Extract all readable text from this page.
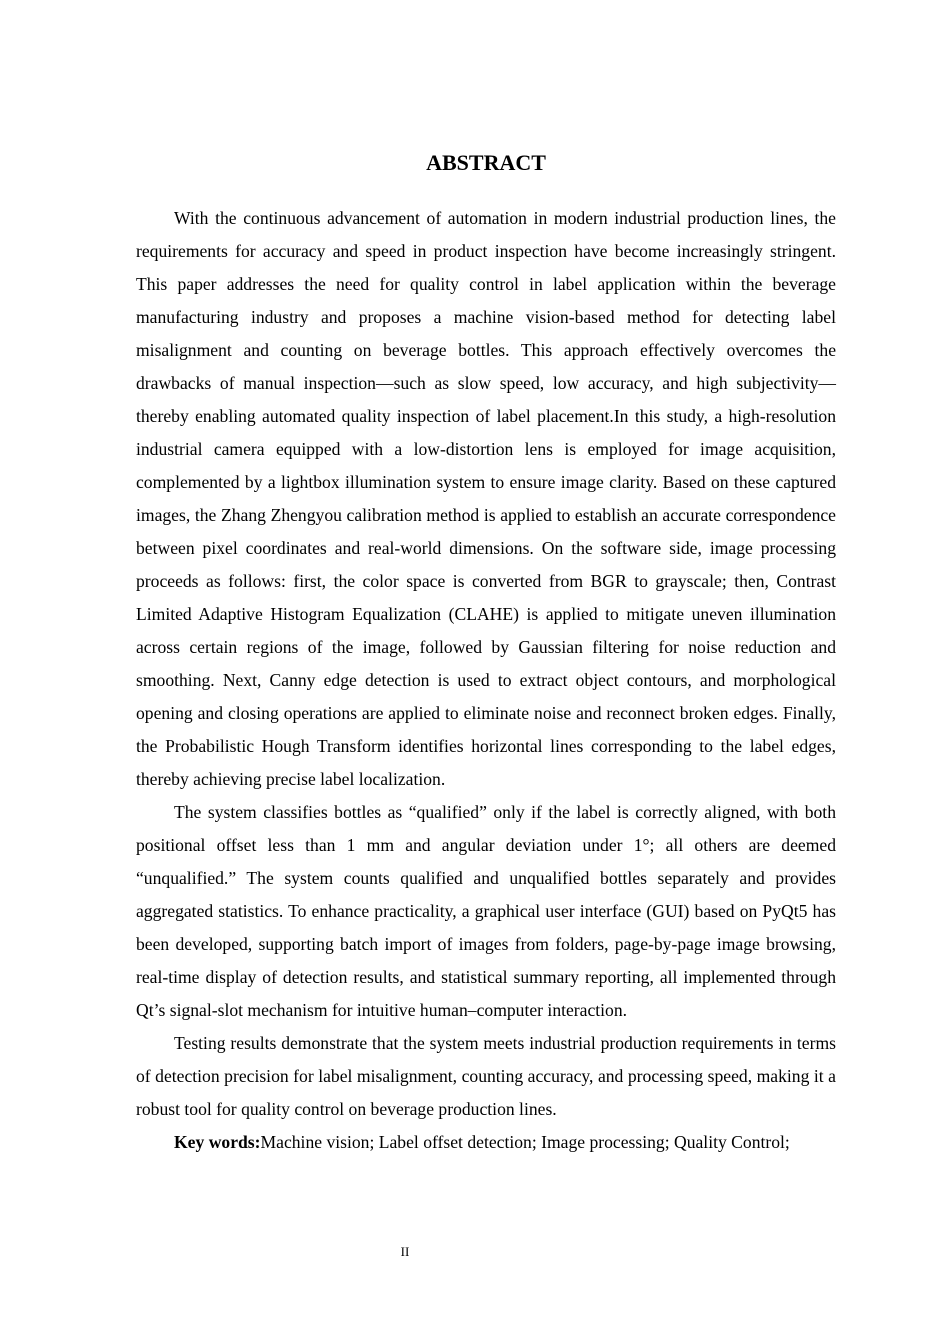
ABSTRACT

With the continuous advancement of automation in modern industrial production lines, the requirements for accuracy and speed in product inspection have become increasingly stringent. This paper addresses the need for quality control in label application within the beverage manufacturing industry and proposes a machine vision-based method for detecting label misalignment and counting on beverage bottles. This approach effectively overcomes the drawbacks of manual inspection—such as slow speed, low accuracy, and high subjectivity—thereby enabling automated quality inspection of label placement.In this study, a high-resolution industrial camera equipped with a low-distortion lens is employed for image acquisition, complemented by a lightbox illumination system to ensure image clarity. Based on these captured images, the Zhang Zhengyou calibration method is applied to establish an accurate correspondence between pixel coordinates and real-world dimensions. On the software side, image processing proceeds as follows: first, the color space is converted from BGR to grayscale; then, Contrast Limited Adaptive Histogram Equalization (CLAHE) is applied to mitigate uneven illumination across certain regions of the image, followed by Gaussian filtering for noise reduction and smoothing. Next, Canny edge detection is used to extract object contours, and morphological opening and closing operations are applied to eliminate noise and reconnect broken edges. Finally, the Probabilistic Hough Transform identifies horizontal lines corresponding to the label edges, thereby achieving precise label localization.

The system classifies bottles as “qualified” only if the label is correctly aligned, with both positional offset less than 1 mm and angular deviation under 1°; all others are deemed “unqualified.” The system counts qualified and unqualified bottles separately and provides aggregated statistics. To enhance practicality, a graphical user interface (GUI) based on PyQt5 has been developed, supporting batch import of images from folders, page-by-page image browsing, real-time display of detection results, and statistical summary reporting, all implemented through Qt’s signal-slot mechanism for intuitive human–computer interaction.

Testing results demonstrate that the system meets industrial production requirements in terms of detection precision for label misalignment, counting accuracy, and processing speed, making it a robust tool for quality control on beverage production lines.

Key words:Machine vision; Label offset detection; Image processing; Quality Control;

II
